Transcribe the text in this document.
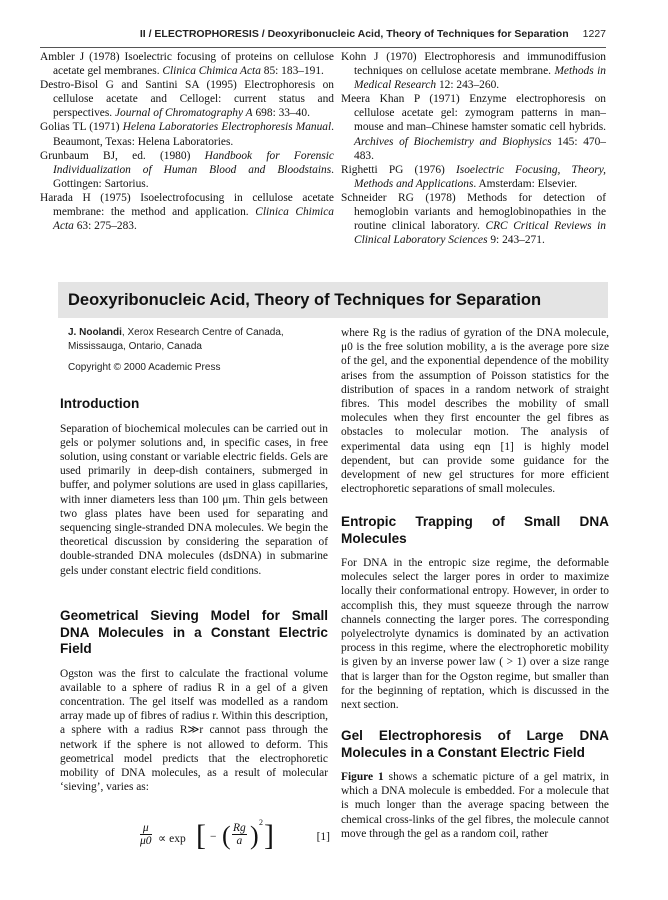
II / ELECTROPHORESIS / Deoxyribonucleic Acid, Theory of Techniques for Separation 1227

Ambler J (1978) Isoelectric focusing of proteins on cellulose acetate gel membranes. Clinica Chimica Acta 85: 183–191.

Destro-Bisol G and Santini SA (1995) Electrophoresis on cellulose acetate and Cellogel: current status and perspectives. Journal of Chromatography A 698: 33–40.

Golias TL (1971) Helena Laboratories Electrophoresis Manual. Beaumont, Texas: Helena Laboratories.

Grunbaum BJ, ed. (1980) Handbook for Forensic Individualization of Human Blood and Bloodstains. Gottingen: Sartorius.

Harada H (1975) Isoelectrofocusing in cellulose acetate membrane: the method and application. Clinica Chimica Acta 63: 275–283.

Kohn J (1970) Electrophoresis and immunodiffusion techniques on cellulose acetate membrane. Methods in Medical Research 12: 243–260.

Meera Khan P (1971) Enzyme electrophoresis on cellulose acetate gel: zymogram patterns in man–mouse and man–Chinese hamster somatic cell hybrids. Archives of Biochemistry and Biophysics 145: 470–483.

Righetti PG (1976) Isoelectric Focusing, Theory, Methods and Applications. Amsterdam: Elsevier.

Schneider RG (1978) Methods for detection of hemoglobin variants and hemoglobinopathies in the routine clinical laboratory. CRC Critical Reviews in Clinical Laboratory Sciences 9: 243–271.

Deoxyribonucleic Acid, Theory of Techniques for Separation
J. Noolandi, Xerox Research Centre of Canada, Mississauga, Ontario, Canada
Copyright © 2000 Academic Press
Introduction

Separation of biochemical molecules can be carried out in gels or polymer solutions and, in specific cases, in free solution, using constant or variable electric fields. Gels are used primarily in deep-dish containers, submerged in buffer, and polymer solutions are used in glass capillaries, with inner diameters less than 100 μm. Thin gels between two glass plates have been used for separating and sequencing single-stranded DNA molecules. We begin the theoretical discussion by considering the separation of double-stranded DNA molecules (dsDNA) in submarine gels under constant electric field conditions.

Geometrical Sieving Model for Small DNA Molecules in a Constant Electric Field

Ogston was the first to calculate the fractional volume available to a sphere of radius R in a gel of a given concentration. The gel itself was modelled as a random array made up of fibres of radius r. Within this description, a sphere with a radius R≫r cannot pass through the network if the sphere is not allowed to deform. This geometrical model predicts that the electrophoretic mobility of DNA molecules, as a result of molecular ‘sieving’, varies as:

$\frac{\mu}{\mu 0} \propto \exp$ [ − ( $\frac{Rg}{a}$ ) 2 ]	[1]

where Rg is the radius of gyration of the DNA molecule, μ0 is the free solution mobility, a is the average pore size of the gel, and the exponential dependence of the mobility arises from the assumption of Poisson statistics for the distribution of spaces in a random network of straight fibres. This model describes the mobility of small molecules when they first encounter the gel fibres as obstacles to molecular motion. The analysis of experimental data using eqn [1] is highly model dependent, but can provide some guidance for the development of new gel structures for more efficient electrophoretic separations of small molecules.

Entropic Trapping of Small DNA Molecules

For DNA in the entropic size regime, the deformable molecules select the larger pores in order to maximize locally their conformational entropy. However, in order to accomplish this, they must squeeze through the narrow channels connecting the larger pores. The corresponding polyelectrolyte dynamics is dominated by an activation process in this regime, where the electrophoretic mobility is given by an inverse power law ( > 1) over a size range that is larger than for the Ogston regime, but smaller than for the beginning of reptation, which is discussed in the next section.

Gel Electrophoresis of Large DNA Molecules in a Constant Electric Field

Figure 1 shows a schematic picture of a gel matrix, in which a DNA molecule is embedded. For a molecule that is much longer than the average spacing between the chemical cross-links of the gel fibres, the molecule cannot move through the gel as a random coil, rather
